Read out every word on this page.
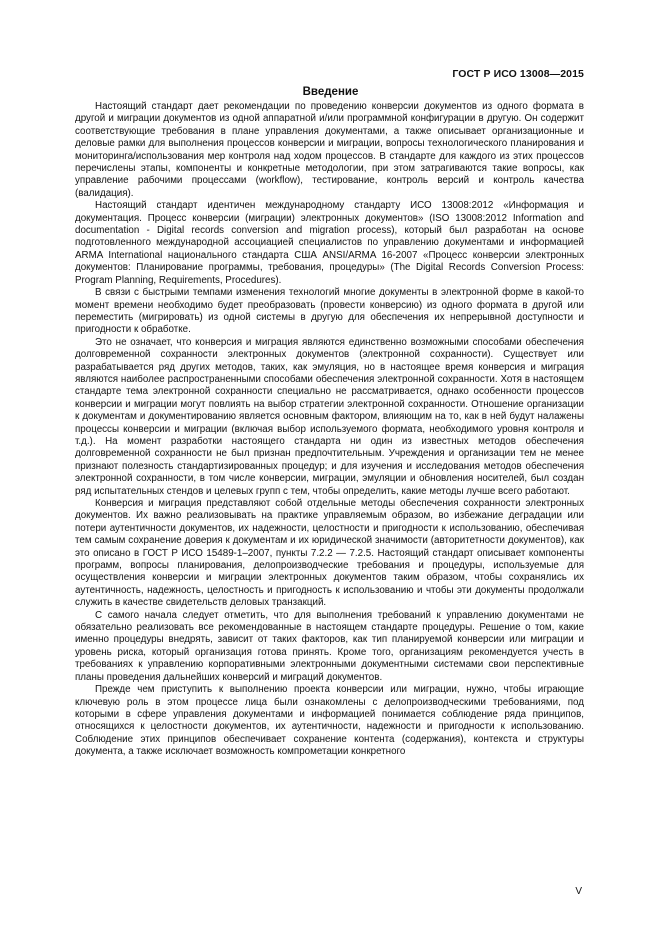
ГОСТ Р ИСО 13008—2015
Введение

Настоящий стандарт дает рекомендации по проведению конверсии документов из одного формата в другой и миграции документов из одной аппаратной и/или программной конфигурации в другую. Он содержит соответствующие требования в плане управления документами, а также описывает организационные и деловые рамки для выполнения процессов конверсии и миграции, вопросы технологического планирования и мониторинга/использования мер контроля над ходом процессов. В стандарте для каждого из этих процессов перечислены этапы, компоненты и конкретные методологии, при этом затрагиваются такие вопросы, как управление рабочими процессами (workflow), тестирование, контроль версий и контроль качества (валидация).

Настоящий стандарт идентичен международному стандарту ИСО 13008:2012 «Информация и документация. Процесс конверсии (миграции) электронных документов» (ISO 13008:2012 Information and documentation - Digital records conversion and migration process), который был разработан на основе подготовленного международной ассоциацией специалистов по управлению документами и информацией ARMA International национального стандарта США ANSI/ARMA 16-2007 «Процесс конверсии электронных документов: Планирование программы, требования, процедуры» (The Digital Records Conversion Process: Program Planning, Requirements, Procedures).

В связи с быстрыми темпами изменения технологий многие документы в электронной форме в какой-то момент времени необходимо будет преобразовать (провести конверсию) из одного формата в другой или переместить (мигрировать) из одной системы в другую для обеспечения их непрерывной доступности и пригодности к обработке.

Это не означает, что конверсия и миграция являются единственно возможными способами обеспечения долговременной сохранности электронных документов (электронной сохранности). Существует или разрабатывается ряд других методов, таких, как эмуляция, но в настоящее время конверсия и миграция являются наиболее распространенными способами обеспечения электронной сохранности. Хотя в настоящем стандарте тема электронной сохранности специально не рассматривается, однако особенности процессов конверсии и миграции могут повлиять на выбор стратегии электронной сохранности. Отношение организации к документам и документированию является основным фактором, влияющим на то, как в ней будут налажены процессы конверсии и миграции (включая выбор используемого формата, необходимого уровня контроля и т.д.). На момент разработки настоящего стандарта ни один из известных методов обеспечения долговременной сохранности не был признан предпочтительным. Учреждения и организации тем не менее признают полезность стандартизированных процедур; и для изучения и исследования методов обеспечения электронной сохранности, в том числе конверсии, миграции, эмуляции и обновления носителей, был создан ряд испытательных стендов и целевых групп с тем, чтобы определить, какие методы лучше всего работают.

Конверсия и миграция представляют собой отдельные методы обеспечения сохранности электронных документов. Их важно реализовывать на практике управляемым образом, во избежание деградации или потери аутентичности документов, их надежности, целостности и пригодности к использованию, обеспечивая тем самым сохранение доверия к документам и их юридической значимости (авторитетности документов), как это описано в ГОСТ Р ИСО 15489-1–2007, пункты 7.2.2 — 7.2.5. Настоящий стандарт описывает компоненты программ, вопросы планирования, делопроизводческие требования и процедуры, используемые для осуществления конверсии и миграции электронных документов таким образом, чтобы сохранялись их аутентичность, надежность, целостность и пригодность к использованию и чтобы эти документы продолжали служить в качестве свидетельств деловых транзакций.

С самого начала следует отметить, что для выполнения требований к управлению документами не обязательно реализовать все рекомендованные в настоящем стандарте процедуры. Решение о том, какие именно процедуры внедрять, зависит от таких факторов, как тип планируемой конверсии или миграции и уровень риска, который организация готова принять. Кроме того, организациям рекомендуется учесть в требованиях к управлению корпоративными электронными документными системами свои перспективные планы проведения дальнейших конверсий и миграций документов.

Прежде чем приступить к выполнению проекта конверсии или миграции, нужно, чтобы играющие ключевую роль в этом процессе лица были ознакомлены с делопроизводческими требованиями, под которыми в сфере управления документами и информацией понимается соблюдение ряда принципов, относящихся к целостности документов, их аутентичности, надежности и пригодности к использованию. Соблюдение этих принципов обеспечивает сохранение контента (содержания), контекста и структуры документа, а также исключает возможность компрометации конкретного

V
